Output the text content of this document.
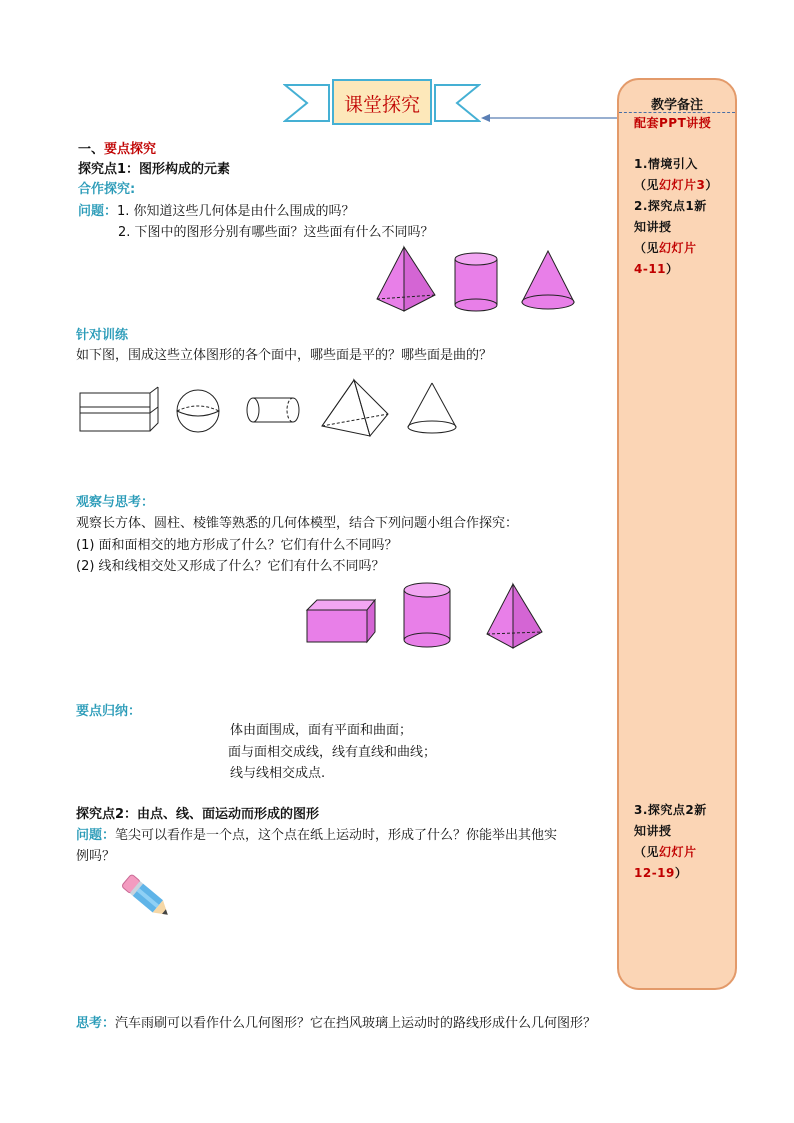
课堂探究
一、要点探究
探究点1：图形构成的元素
合作探究:
问题：1. 你知道这些几何体是由什么围成的吗？
2. 下图中的图形分别有哪些面？这些面有什么不同吗？
针对训练
如下图，围成这些立体图形的各个面中，哪些面是平的？哪些面是曲的？
观察与思考：
观察长方体、圆柱、棱锥等熟悉的几何体模型，结合下列问题小组合作探究：
(1) 面和面相交的地方形成了什么？它们有什么不同吗？
(2) 线和线相交处又形成了什么？它们有什么不同吗？
要点归纳：
体由面围成，面有平面和曲面；
面与面相交成线，线有直线和曲线；
线与线相交成点.
探究点2：由点、线、面运动而形成的图形
问题：笔尖可以看作是一个点，这个点在纸上运动时，形成了什么？你能举出其他实
例吗？
思考：汽车雨刷可以看作什么几何图形？它在挡风玻璃上运动时的路线形成什么几何图形？
教学备注
配套PPT讲授
1.情境引入
（见幻灯片3）
2.探究点1新
知讲授
（见幻灯片
4-11）
3.探究点2新
知讲授
（见幻灯片
12-19）
